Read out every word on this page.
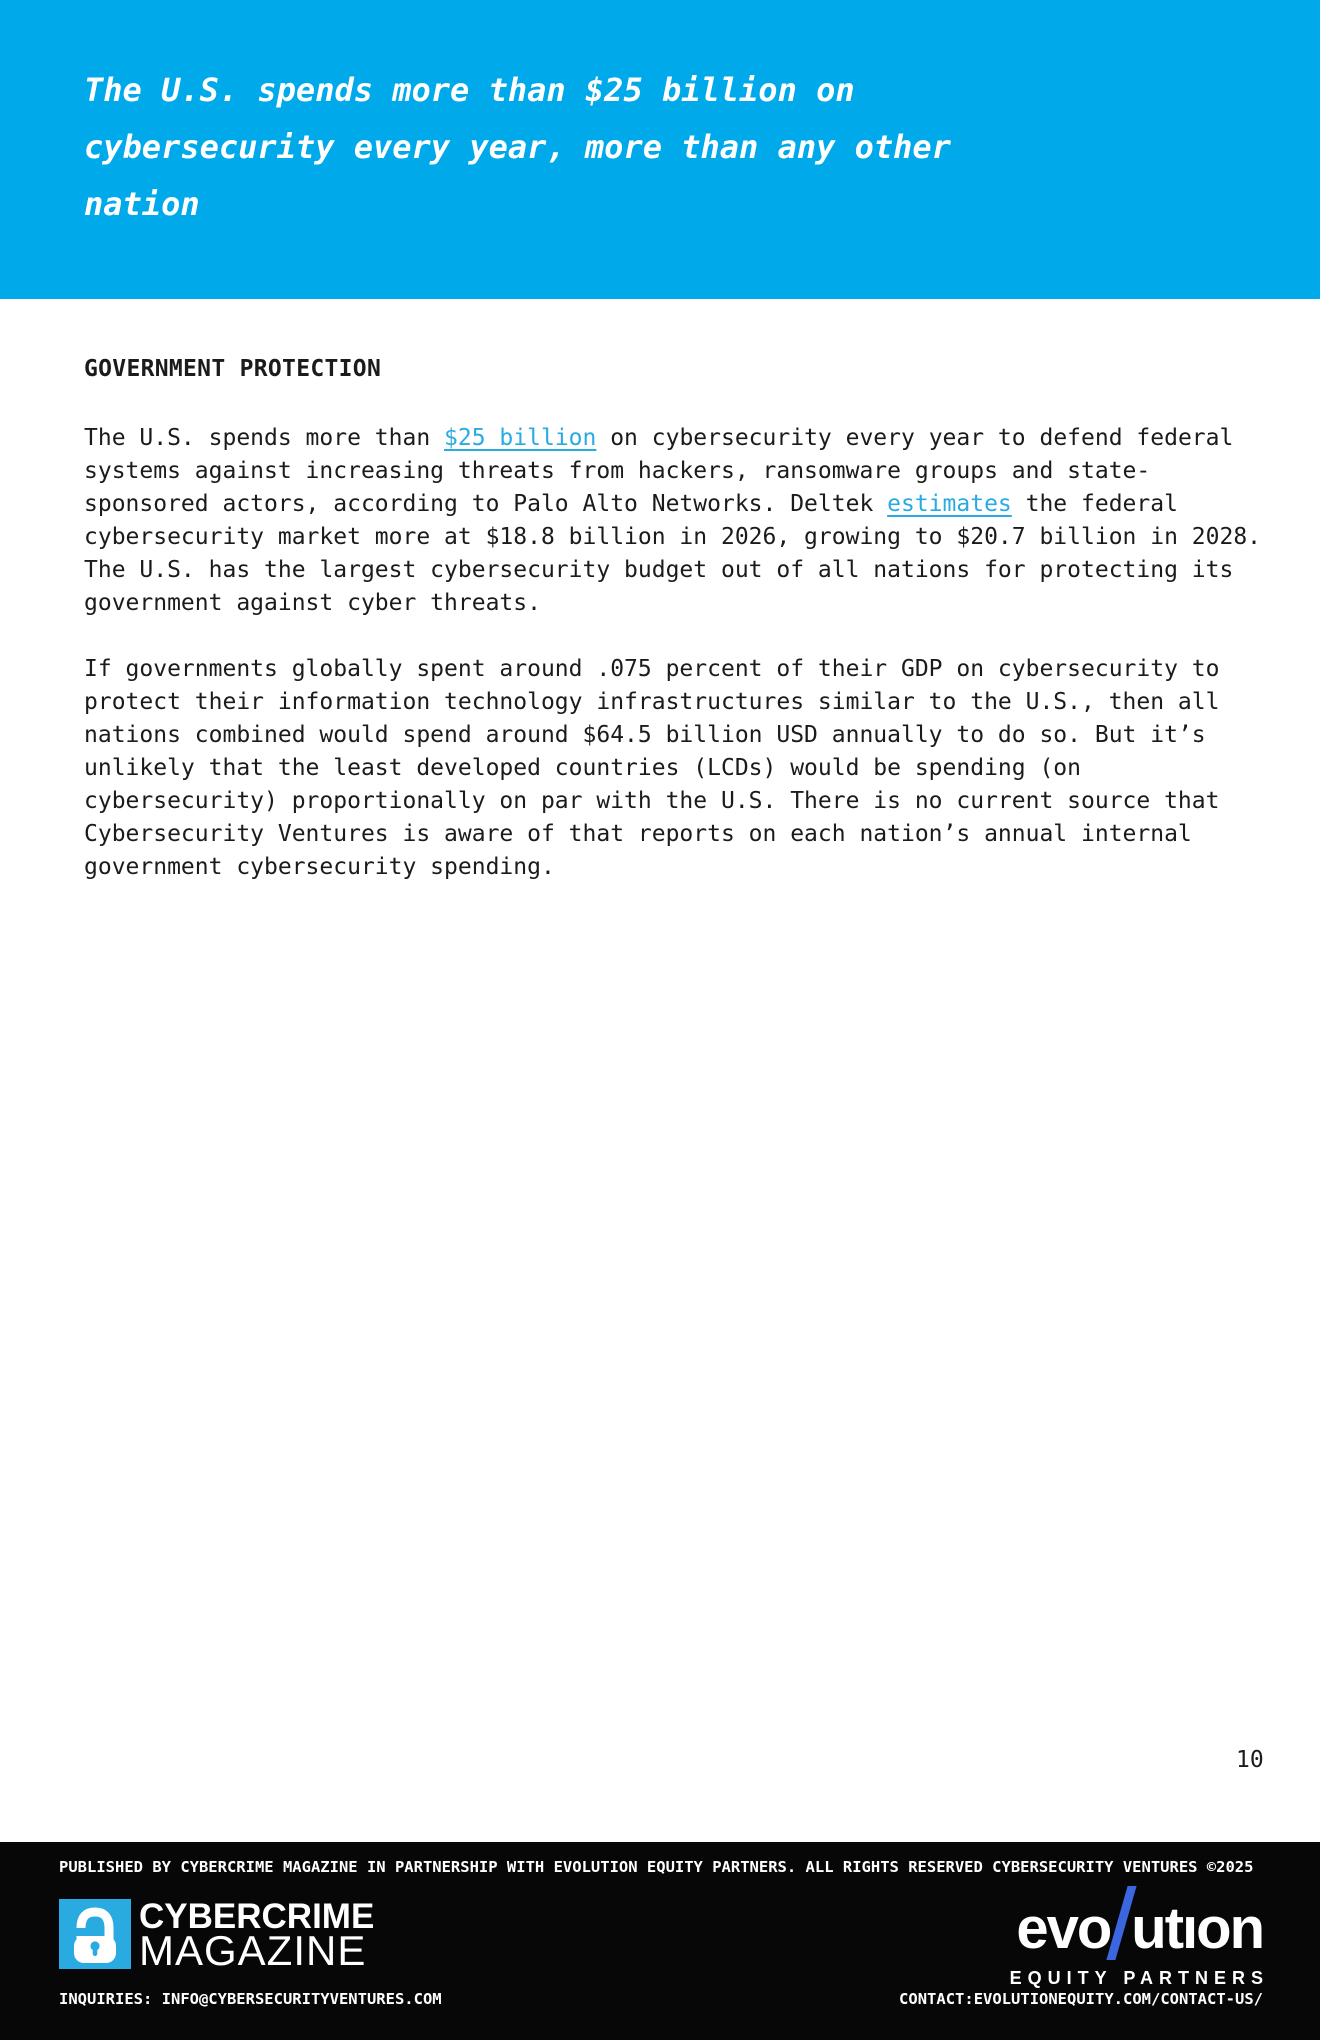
The U.S. spends more than $25 billion on cybersecurity every year, more than any other nation
GOVERNMENT PROTECTION

The U.S. spends more than $25 billion on cybersecurity every year to defend federal systems against increasing threats from hackers, ransomware groups and state-sponsored actors, according to Palo Alto Networks. Deltek estimates the federal cybersecurity market more at $18.8 billion in 2026, growing to $20.7 billion in 2028. The U.S. has the largest cybersecurity budget out of all nations for protecting its government against cyber threats.

If governments globally spent around .075 percent of their GDP on cybersecurity to protect their information technology infrastructures similar to the U.S., then all nations combined would spend around $64.5 billion USD annually to do so. But it’s unlikely that the least developed countries (LCDs) would be spending (on cybersecurity) proportionally on par with the U.S. There is no current source that Cybersecurity Ventures is aware of that reports on each nation’s annual internal government cybersecurity spending.

10
PUBLISHED BY CYBERCRIME MAGAZINE IN PARTNERSHIP WITH EVOLUTION EQUITY PARTNERS. ALL RIGHTS RESERVED CYBERSECURITY VENTURES ©2025
CYBERCRIME
MAGAZINE	evo utıon
EQUITY PARTNERS
INQUIRIES: INFO@CYBERSECURITYVENTURES.COM	CONTACT:EVOLUTIONEQUITY.COM/CONTACT-US/
